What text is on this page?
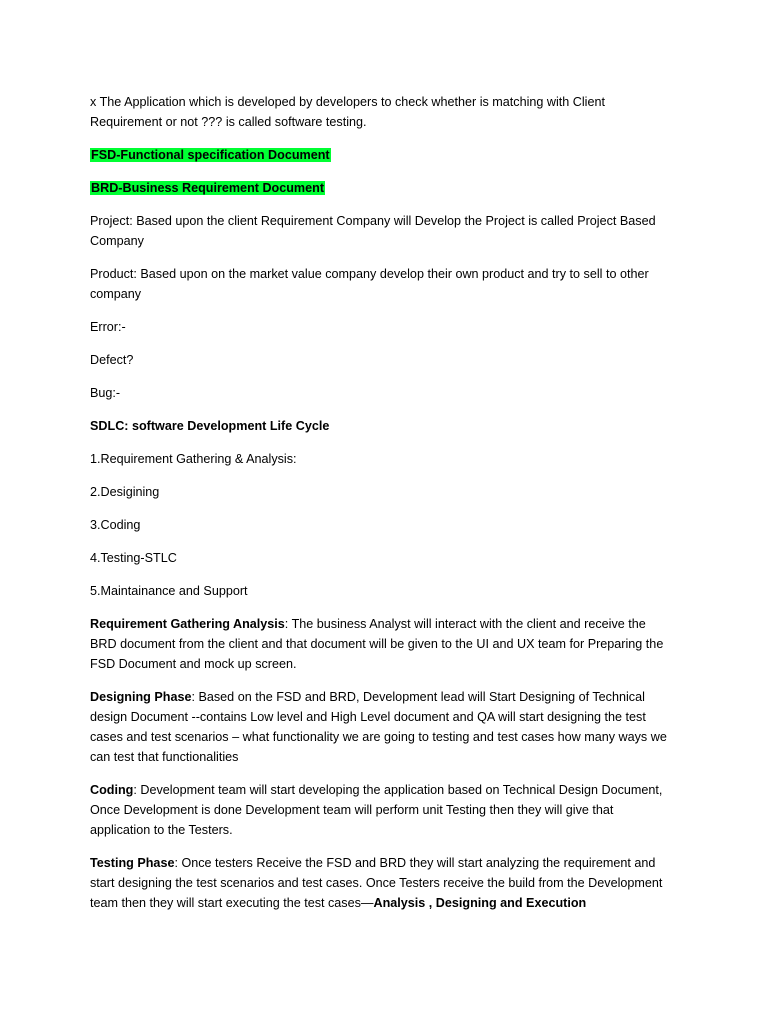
x The Application which is developed by developers to check whether is matching with Client Requirement or not ??? is called software testing.

FSD-Functional specification Document

BRD-Business Requirement Document

Project: Based upon the client Requirement Company will Develop the Project is called Project Based Company

Product: Based upon on the market value company develop their own product and try to sell to other company

Error:-

Defect?

Bug:-

SDLC: software Development Life Cycle

1.Requirement Gathering & Analysis:

2.Desigining

3.Coding

4.Testing-STLC

5.Maintainance and Support

Requirement Gathering Analysis: The business Analyst will interact with the client and receive the BRD document from the client and that document will be given to the UI and UX team for Preparing the FSD Document and mock up screen.

Designing Phase: Based on the FSD and BRD, Development lead will Start Designing of Technical design Document --contains Low level and High Level document and QA will start designing the test cases and test scenarios – what functionality we are going to testing and test cases how many ways we can test that functionalities

Coding: Development team will start developing the application based on Technical Design Document, Once Development is done Development team will perform unit Testing then they will give that application to the Testers.

Testing Phase: Once testers Receive the FSD and BRD they will start analyzing the requirement and start designing the test scenarios and test cases. Once Testers receive the build from the Development team then they will start executing the test cases—Analysis , Designing and Execution
